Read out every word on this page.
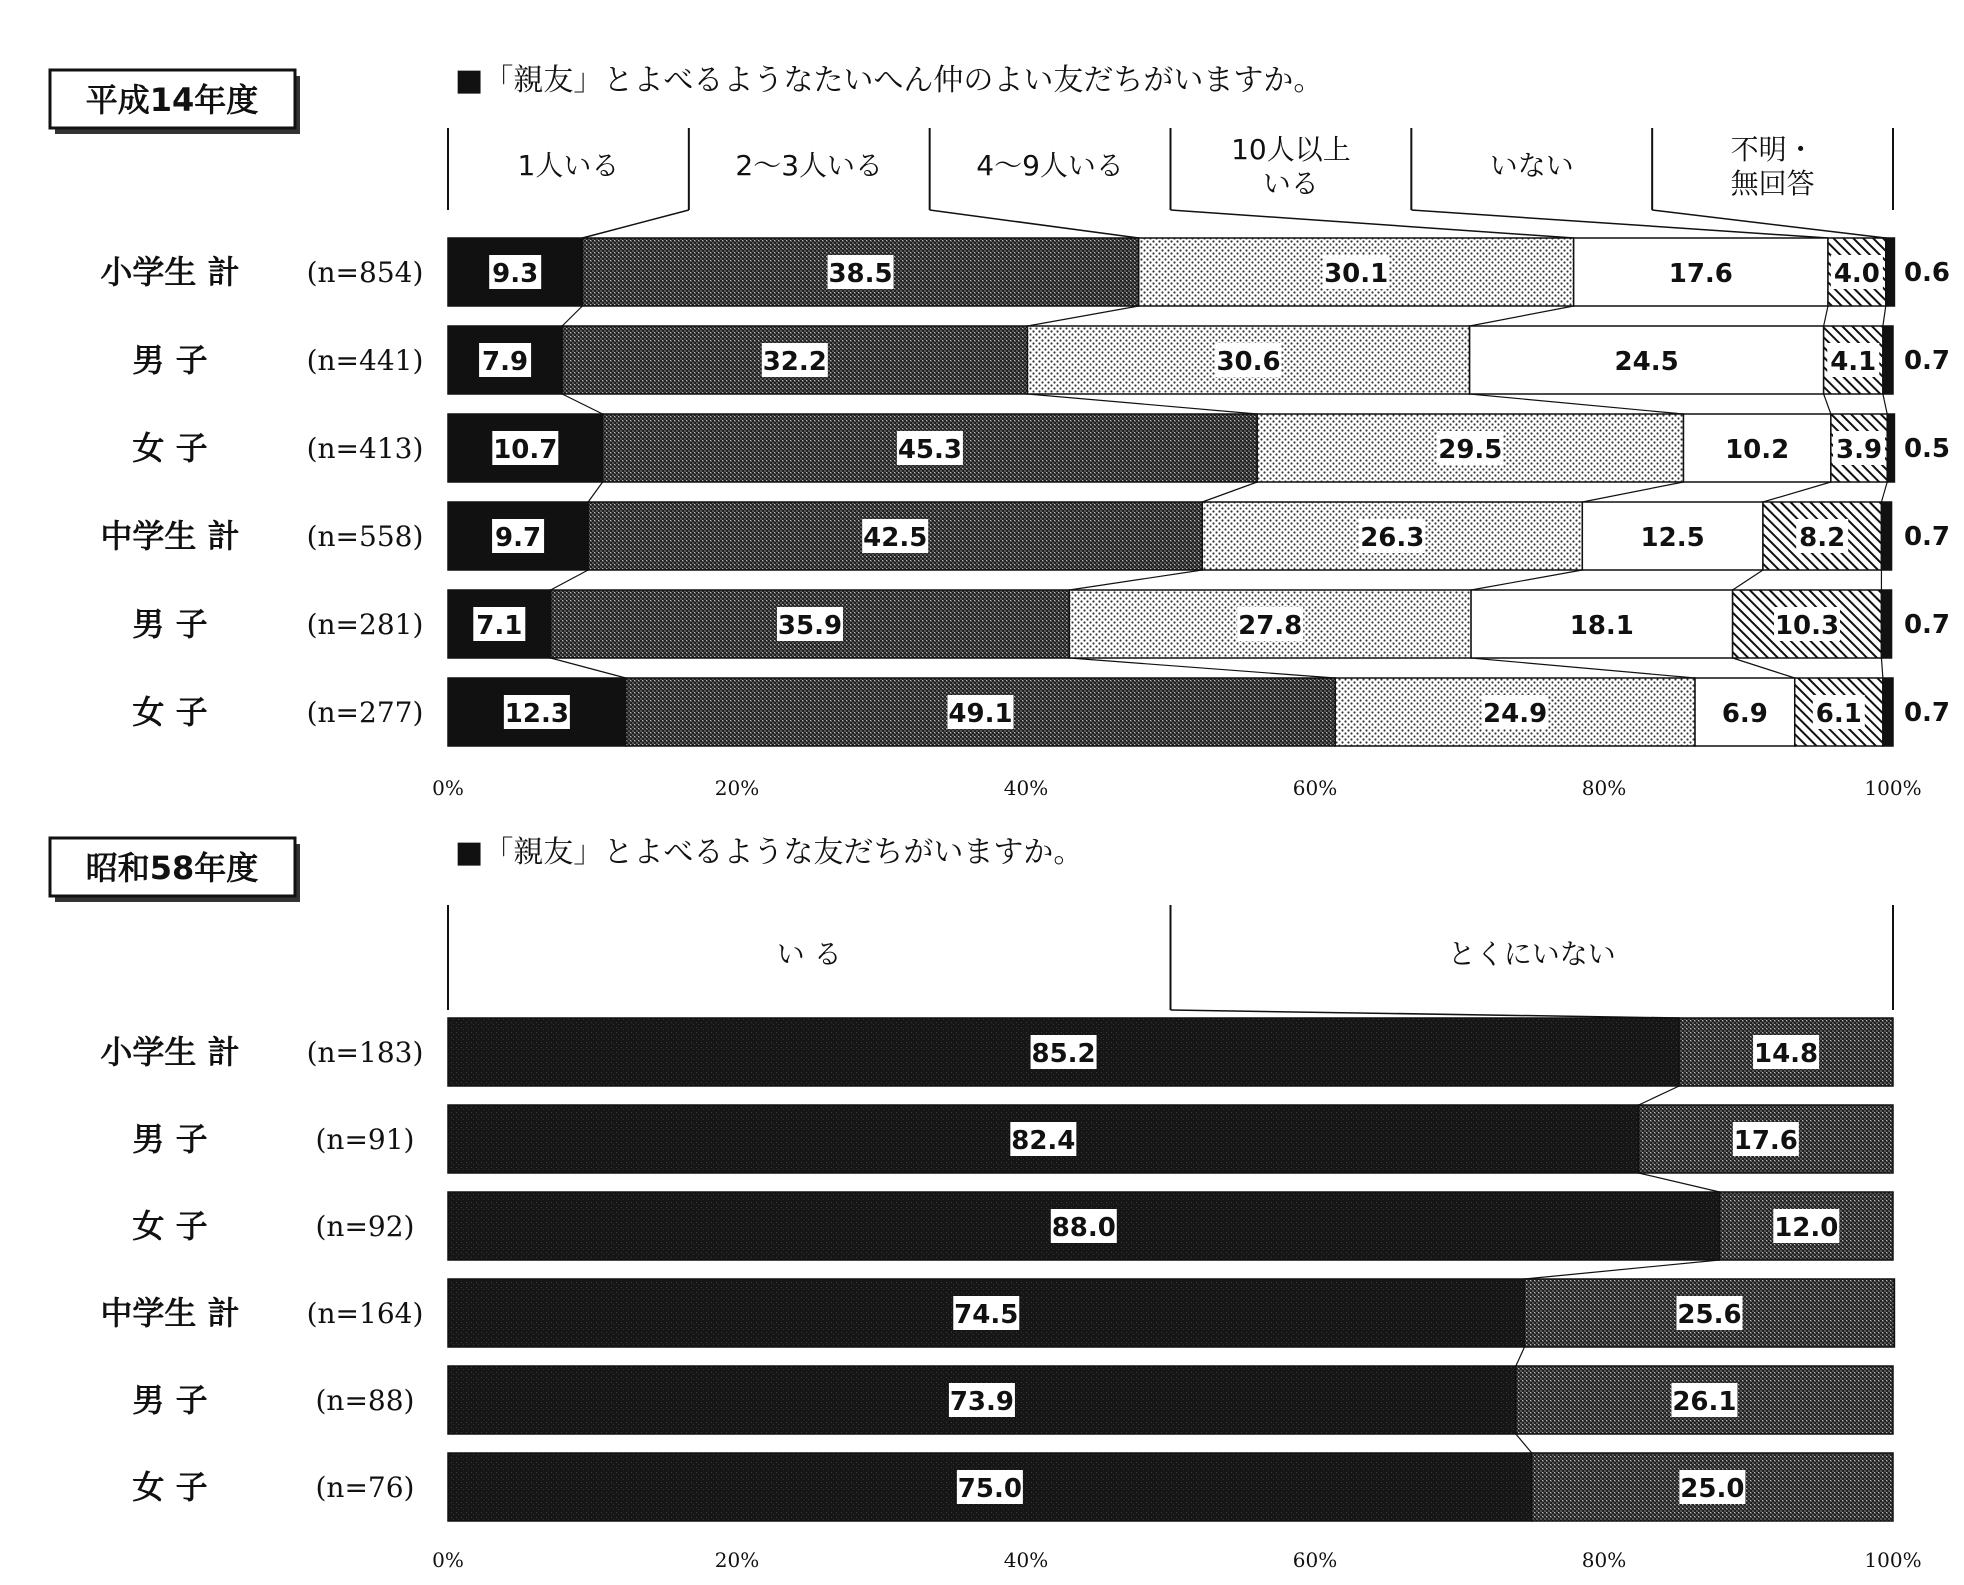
平成14年度
■「親友」とよべるようなたいへん仲のよい友だちがいますか。
1人いる	2～3人いる	4～9人いる	10人以上いる
いない	不明・無回答
小学生 計 (n=854)	9.3	38.5	30.1	17.6	4.0 0.6
男 子	(n=441) 7.9	32.2	30.6	24.5	4.1 0.7
女 子	(n=413)	10.7	45.3	29.5	10.2 3.9 0.5
中学生 計 (n=558)	9.7	42.5	26.3	12.5	8.2 0.7
男 子	(n=281) 7.1	35.9	27.8	18.1	10.3 0.7
女 子	(n=277)	12.3	49.1	24.9	6.9 6.1 0.7
0%	20%	40%	60%	80%	100%
昭和58年度	■「親友」とよべるような友だちがいますか。
い る	とくにいない
小学生 計 (n=183)	85.2	14.8
男 子	(n=91)	82.4	17.6
女 子	(n=92)	88.0	12.0
中学生 計 (n=164)	74.5	25.6
男 子	(n=88)	73.9	26.1
女 子	(n=76)	75.0	25.0
0%	20%	40%	60%	80%	100%
